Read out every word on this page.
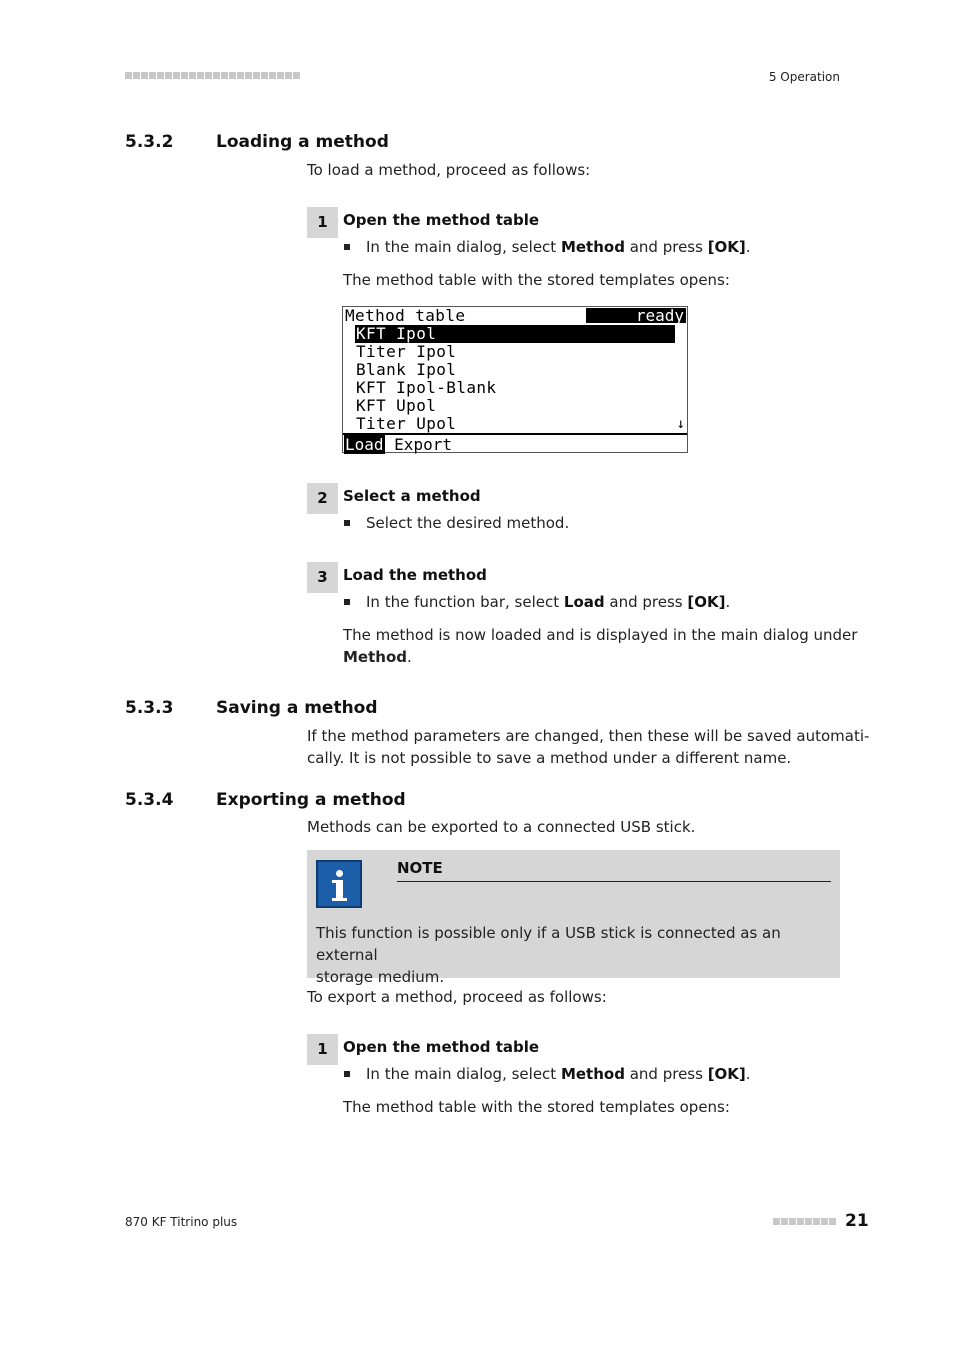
5 Operation
5.3.2	Loading a method
To load a method, proceed as follows:
1	Open the method table
In the main dialog, select Method and press [OK].
The method table with the stored templates opens:
Method table	ready
KFT Ipol
Titer Ipol
Blank Ipol
KFT Ipol-Blank
KFT Upol
Titer Upol	↓
Load Export
2	Select a method
Select the desired method.
3	Load the method
In the function bar, select Load and press [OK].
The method is now loaded and is displayed in the main dialog under
Method.
5.3.3	Saving a method
If the method parameters are changed, then these will be saved automati-
cally. It is not possible to save a method under a different name.
5.3.4	Exporting a method
Methods can be exported to a connected USB stick.
NOTE
This function is possible only if a USB stick is connected as an external
storage medium.
To export a method, proceed as follows:
1	Open the method table
In the main dialog, select Method and press [OK].
The method table with the stored templates opens:
870 KF Titrino plus	21
